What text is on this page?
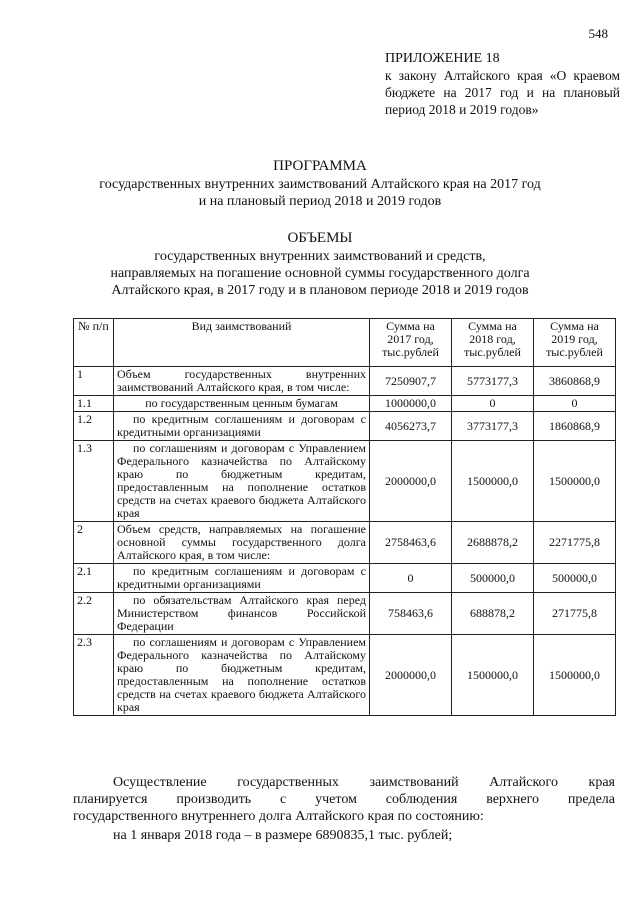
548
ПРИЛОЖЕНИЕ 18
к закону Алтайского края «О краевом бюджете на 2017 год и на плановый период 2018 и 2019 годов»
ПРОГРАММА
государственных внутренних заимствований Алтайского края на 2017 год
и на плановый период 2018 и 2019 годов
ОБЪЕМЫ
государственных внутренних заимствований и средств,
направляемых на погашение основной суммы государственного долга
Алтайского края, в 2017 году и в плановом периоде 2018 и 2019 годов
№ п/п	Вид заимствований	Сумма на 2017 год, тыс.рублей	Сумма на 2018 год, тыс.рублей	Сумма на 2019 год, тыс.рублей
1	Объем государственных внутренних заимствований Алтайского края, в том числе:	7250907,7	5773177,3	3860868,9
1.1	по государственным ценным бумагам	1000000,0	0	0
1.2	по кредитным соглашениям и договорам с кредитными организациями	4056273,7	3773177,3	1860868,9
1.3	по соглашениям и договорам с Управлением Федерального казначейства по Алтайскому краю по бюджетным кредитам, предоставленным на пополнение остатков средств на счетах краевого бюджета Алтайского края	2000000,0	1500000,0	1500000,0
2	Объем средств, направляемых на погашение основной суммы государственного долга Алтайского края, в том числе:	2758463,6	2688878,2	2271775,8
2.1	по кредитным соглашениям и договорам с кредитными организациями	0	500000,0	500000,0
2.2	по обязательствам Алтайского края перед Министерством финансов Российской Федерации	758463,6	688878,2	271775,8
2.3	по соглашениям и договорам с Управлением Федерального казначейства по Алтайскому краю по бюджетным кредитам, предоставленным на пополнение остатков средств на счетах краевого бюджета Алтайского края	2000000,0	1500000,0	1500000,0
Осуществление государственных заимствований Алтайского края
планируется производить с учетом соблюдения верхнего предела
государственного внутреннего долга Алтайского края по состоянию:
на 1 января 2018 года – в размере 6890835,1 тыс. рублей;
